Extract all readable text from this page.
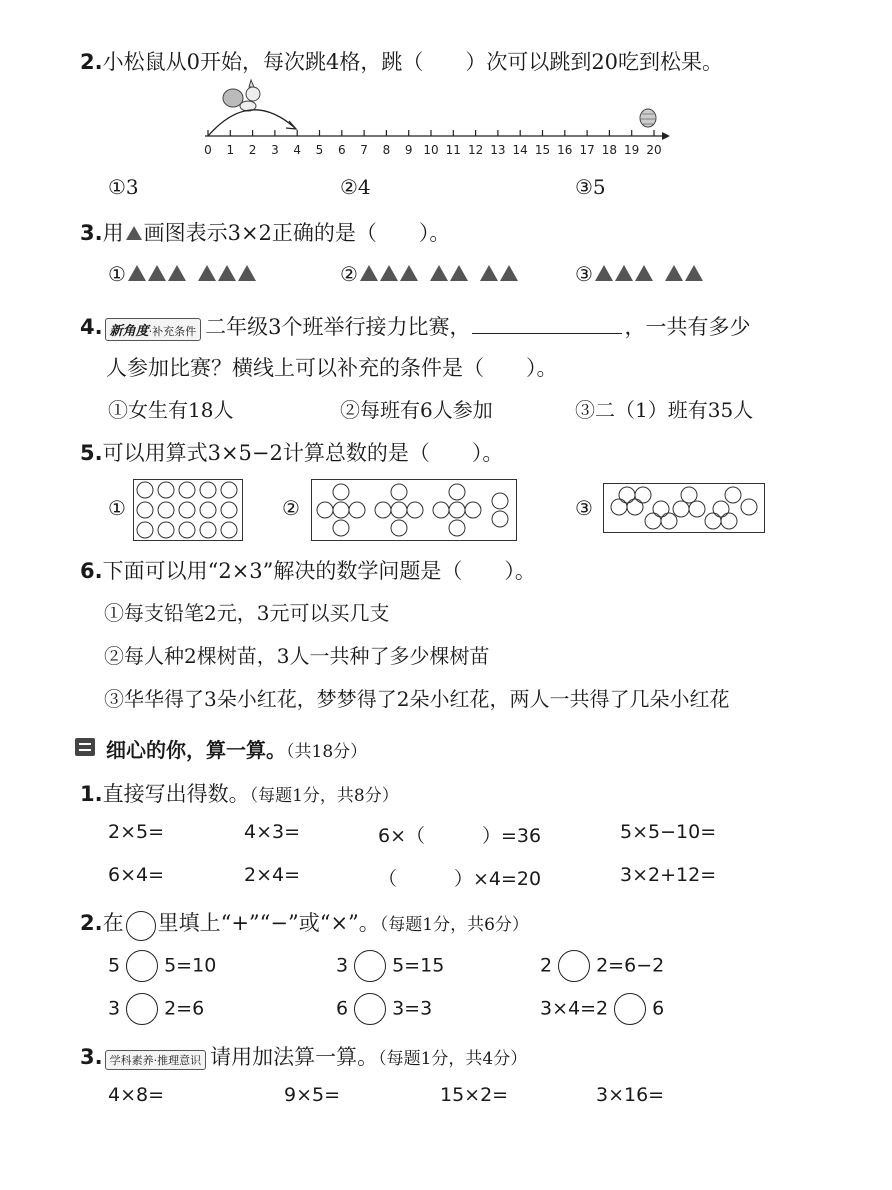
2.小松鼠从0开始，每次跳4格，跳（　　）次可以跳到20吃到松果。
0 1 2 3 4 5 6 7 8 9 10 11 12 13 14 15 16 17 18 19 20
①3	②4	③5
3.用 画图表示3×2正确的是（　　）。
①	②	③
4. 新角度·补充条件 二年级3个班举行接力比赛，	，一共有多少
人参加比赛？横线上可以补充的条件是（　　）。
①女生有18人	②每班有6人参加	③二（1）班有35人
5.可以用算式3×5−2计算总数的是（　　）。
①	②	③
6.下面可以用“2×3”解决的数学问题是（　　）。
①每支铅笔2元，3元可以买几支
②每人种2棵树苗，3人一共种了多少棵树苗
③华华得了3朵小红花，梦梦得了2朵小红花，两人一共得了几朵小红花
细心的你，算一算。（共18分）
1.直接写出得数。（每题1分，共8分）
2×5=	4×3=	6×（　　　）=36	5×5−10=
6×4=	2×4=	（　　　）×4=20	3×2+12=
2.在 里填上“+”“−”或“×”。（每题1分，共6分）
5 5=10	3 5=15	2 2=6−2
3 2=6	6 3=3	3×4=2 6
3. 学科素养·推理意识 请用加法算一算。（每题1分，共4分）
4×8=	9×5=	15×2=	3×16=
